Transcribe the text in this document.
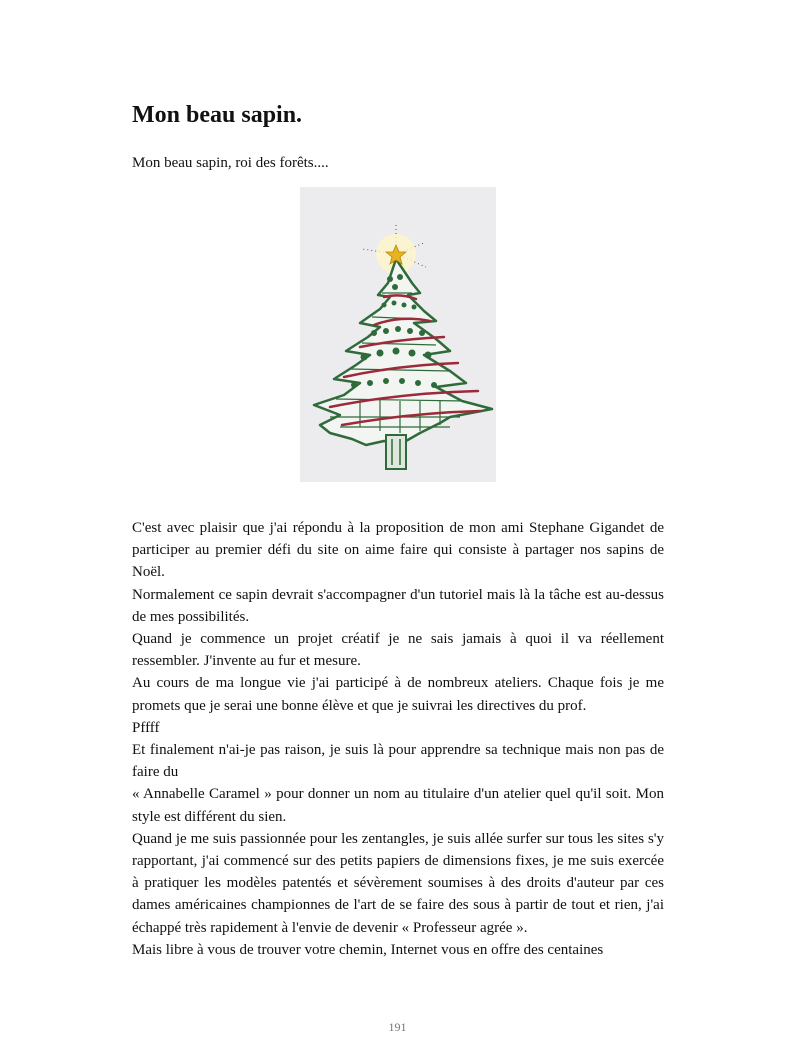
Mon beau sapin.

Mon beau sapin, roi des forêts....

C'est avec plaisir que j'ai répondu à la proposition de mon ami Stephane Gigandet de participer au premier défi du site on aime faire qui consiste à partager nos sapins de Noël.

Normalement ce sapin devrait s'accompagner d'un tutoriel mais là la tâche est au-dessus de mes possibilités.

Quand je commence un projet créatif je ne sais jamais à quoi il va réellement ressembler. J'invente au fur et mesure.

Au cours de ma longue vie j'ai participé à de nombreux ateliers. Chaque fois je me promets que je serai une bonne élève et que je suivrai les directives du prof.

Pffff

Et finalement n'ai-je pas raison, je suis là pour apprendre sa technique mais non pas de faire du

« Annabelle Caramel » pour donner un nom au titulaire d'un atelier quel qu'il soit. Mon style est différent du sien.

Quand je me suis passionnée pour les zentangles, je suis allée surfer sur tous les sites s'y rapportant, j'ai commencé sur des petits papiers de dimensions fixes, je me suis exercée à pratiquer les modèles patentés et sévèrement soumises à des droits d'auteur par ces dames américaines championnes de l'art de se faire des sous à partir de tout et rien, j'ai échappé très rapidement à l'envie de devenir « Professeur agrée ».

Mais libre à vous de trouver votre chemin, Internet vous en offre des centaines

191
